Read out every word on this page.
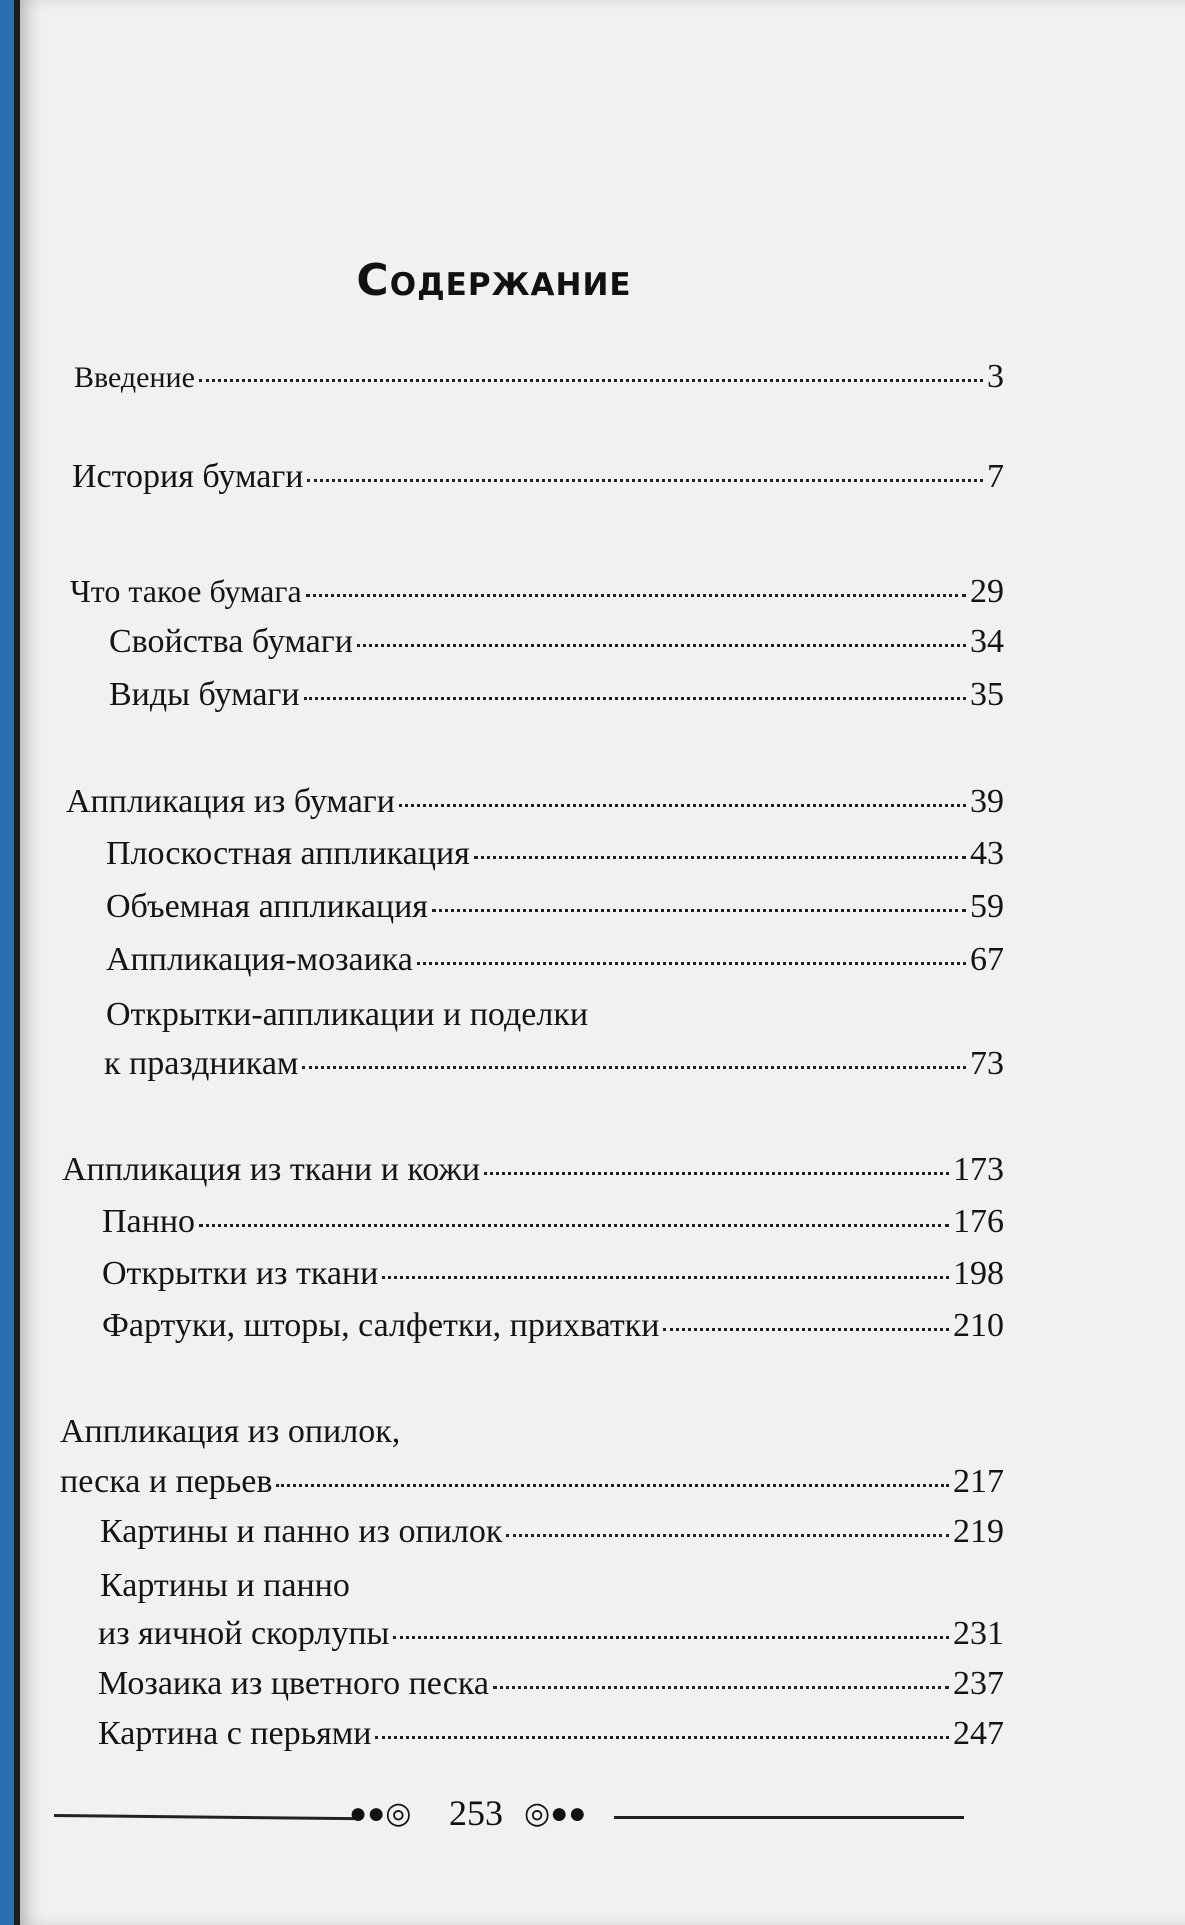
Содержание
Введение	3
История бумаги	7
Что такое бумага	29
Свойства бумаги	34
Виды бумаги	35
Аппликация из бумаги	39
Плоскостная аппликация	43
Объемная аппликация	59
Аппликация-мозаика	67
Открытки-аппликации и поделки
к праздникам	73
Аппликация из ткани и кожи	173
Панно	176
Открытки из ткани	198
Фартуки, шторы, салфетки, прихватки	210
Аппликация из опилок,
песка и перьев	217
Картины и панно из опилок	219
Картины и панно
из яичной скорлупы	231
Мозаика из цветного песка	237
Картина с перьями	247
●●◎ 253 ◎●●
